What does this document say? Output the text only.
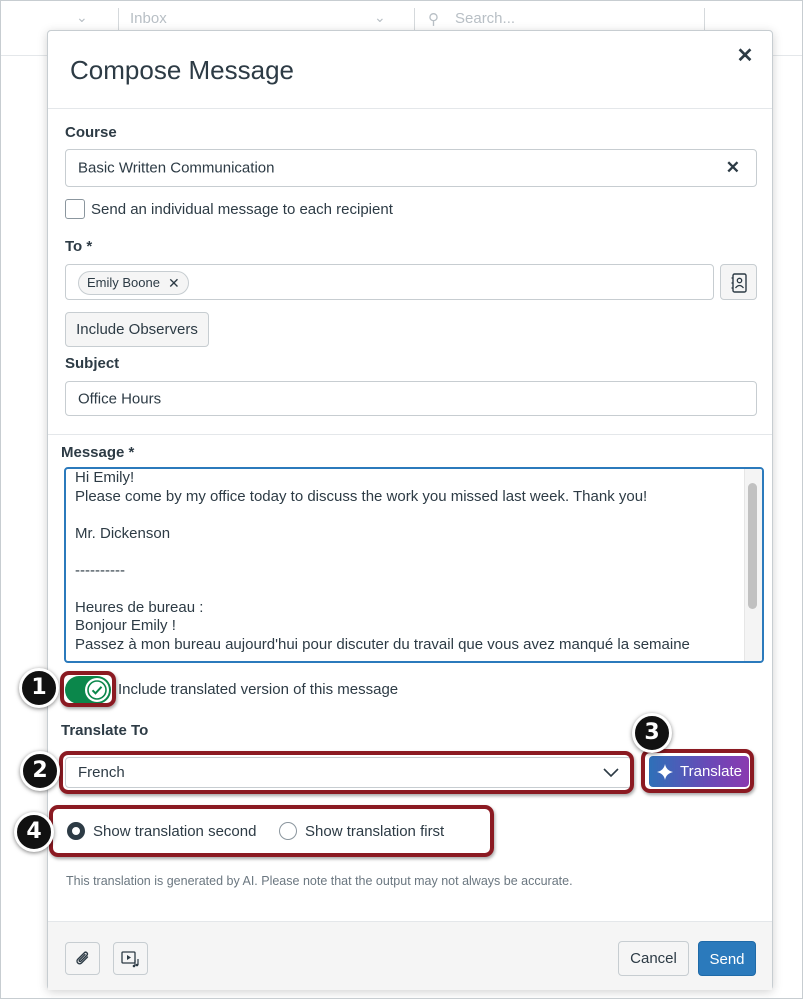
⌄	Inbox	⌄	⚲ Search...
Compose Message	✕
Course
Basic Written Communication	✕
Send an individual message to each recipient
To *
Emily Boone ✕
Include Observers
Subject
Office Hours
Message *
Hi Emily!
Please come by my office today to discuss the work you missed last week. Thank you!

Mr. Dickenson

----------

Heures de bureau :
Bonjour Emily !
Passez à mon bureau aujourd'hui pour discuter du travail que vous avez manqué la semaine
Include translated version of this message
Translate To
French	Translate
Show translation second	Show translation first
This translation is generated by AI. Please note that the output may not always be accurate.
Cancel	Send
1
2
3
4
